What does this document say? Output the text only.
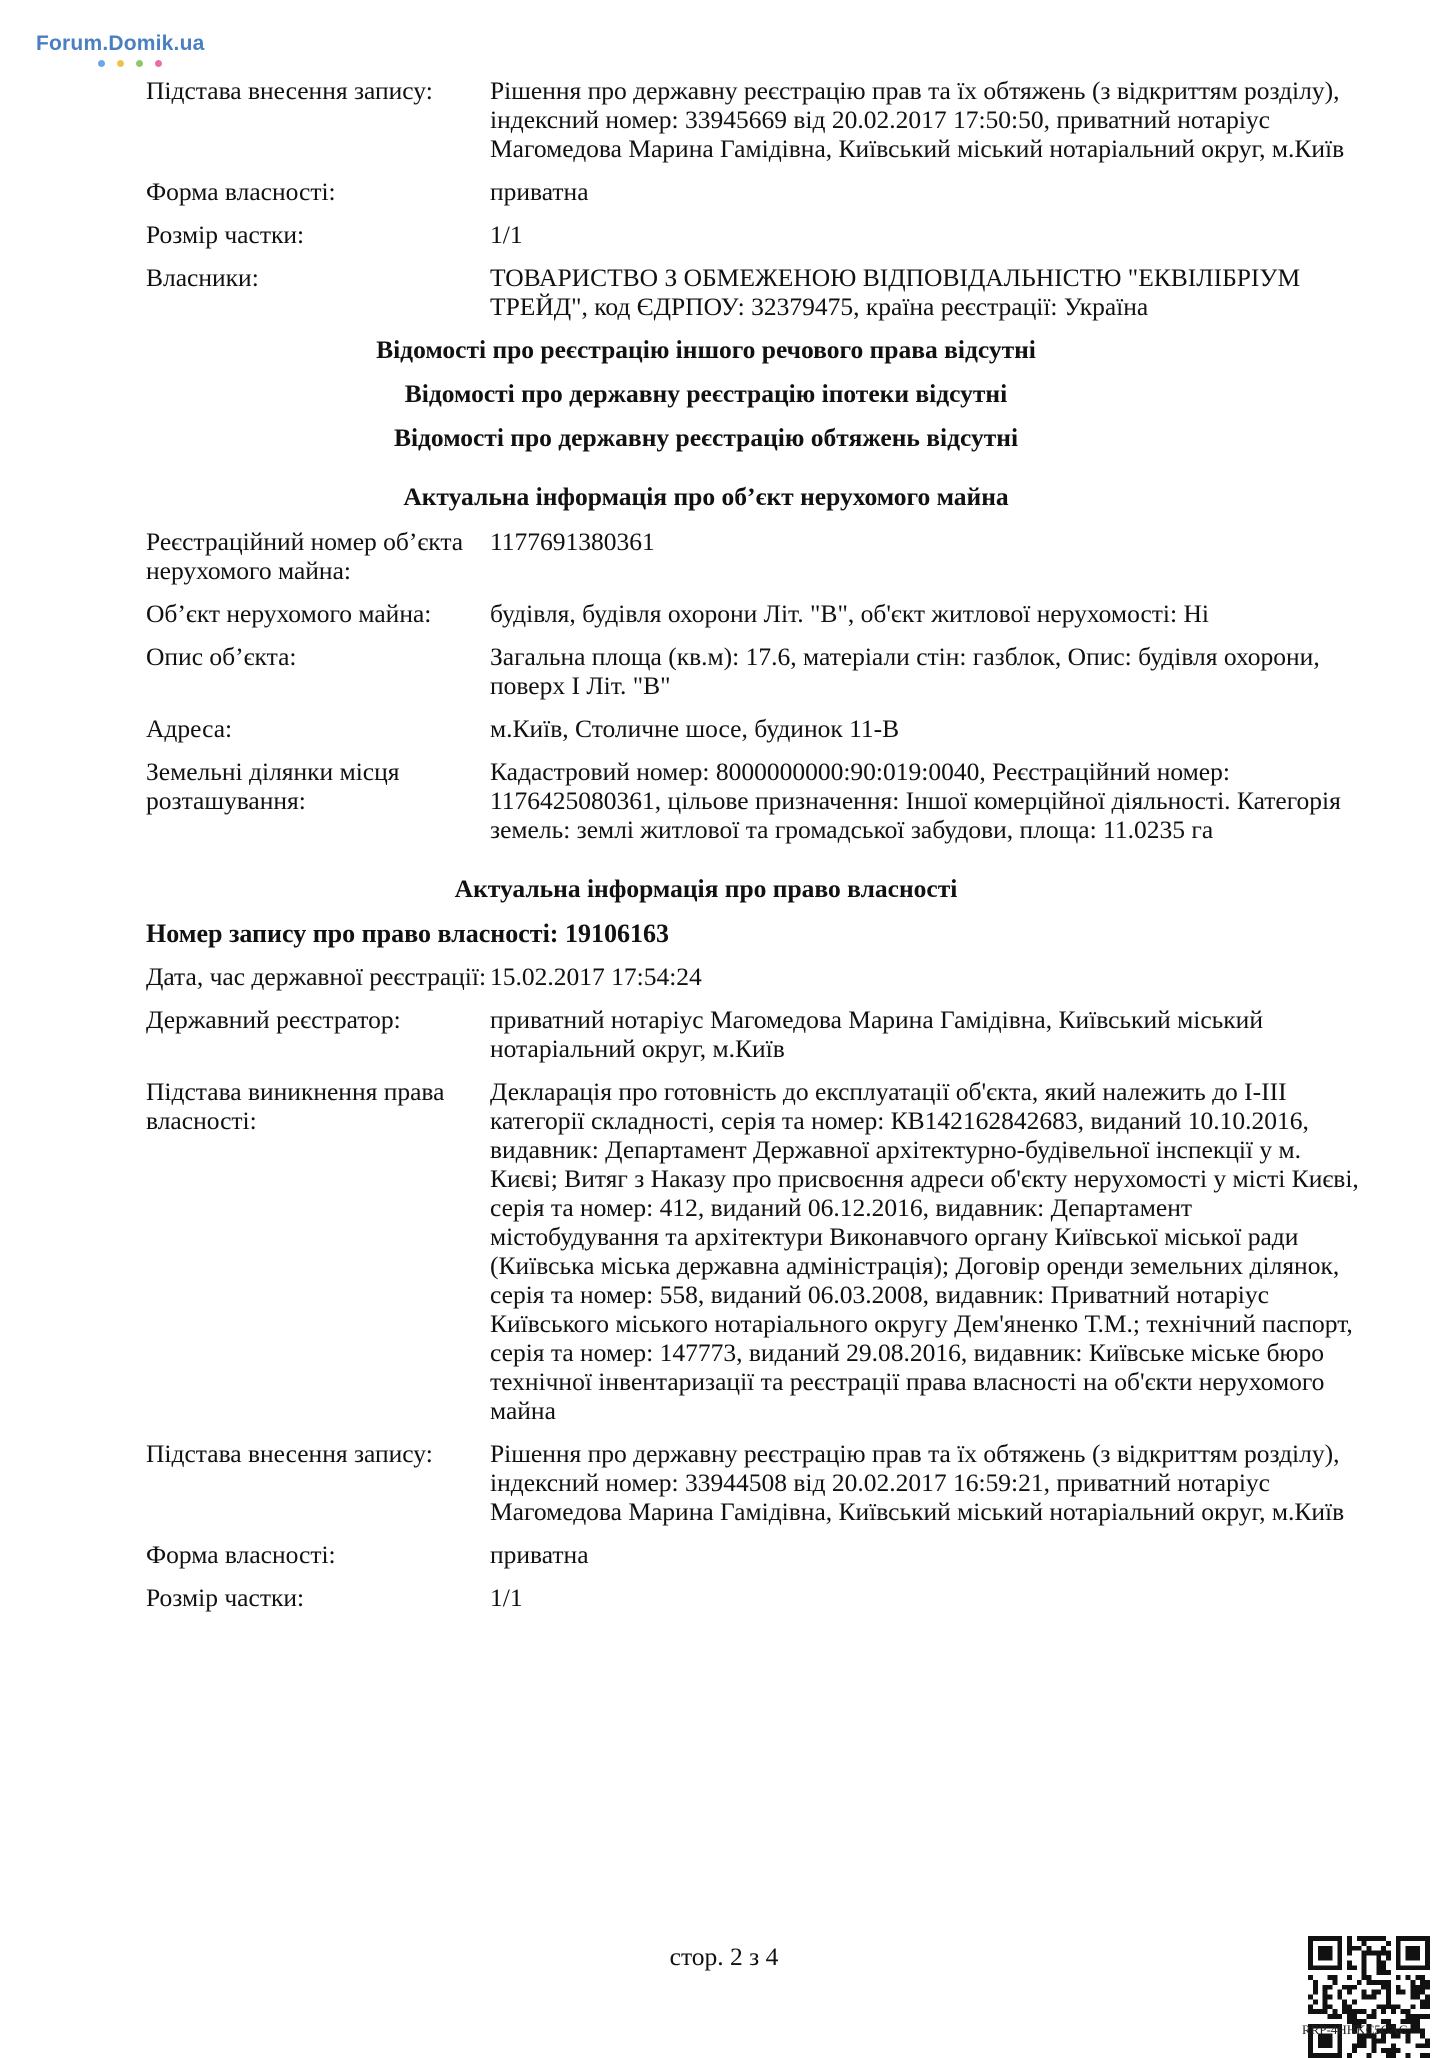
Forum.Domik.ua
Підстава внесення запису:	Рішення про державну реєстрацію прав та їх обтяжень (з відкриттям розділу), індексний номер: 33945669 від 20.02.2017 17:50:50, приватний нотаріус Магомедова Марина Гамідівна, Київський міський нотаріальний округ, м.Київ
Форма власності:	приватна
Розмір частки:	1/1
Власники:	ТОВАРИСТВО З ОБМЕЖЕНОЮ ВІДПОВІДАЛЬНІСТЮ "ЕКВІЛІБРІУМ ТРЕЙД", код ЄДРПОУ: 32379475, країна реєстрації: Україна
Відомості про реєстрацію іншого речового права відсутні
Відомості про державну реєстрацію іпотеки відсутні
Відомості про державну реєстрацію обтяжень відсутні
Актуальна інформація про об’єкт нерухомого майна
Реєстраційний номер об’єкта нерухомого майна:
1177691380361
Об’єкт нерухомого майна:	будівля, будівля охорони Літ. "В", об'єкт житлової нерухомості: Ні
Опис об’єкта:	Загальна площа (кв.м): 17.6, матеріали стін: газблок, Опис: будівля охорони, поверх І Літ. "В"
Адреса:	м.Київ, Столичне шосе, будинок 11-В
Земельні ділянки місця розташування:
Кадастровий номер: 8000000000:90:019:0040, Реєстраційний номер: 1176425080361, цільове призначення: Іншої комерційної діяльності. Категорія земель: землі житлової та громадської забудови, площа: 11.0235 га
Актуальна інформація про право власності
Номер запису про право власності: 19106163
Дата, час державної реєстрації: 15.02.2017 17:54:24
Державний реєстратор:	приватний нотаріус Магомедова Марина Гамідівна, Київський міський нотаріальний округ, м.Київ
Підстава виникнення права власності:
Декларація про готовність до експлуатації об'єкта, який належить до І-ІІІ категорії складності, серія та номер: КВ142162842683, виданий 10.10.2016, видавник: Департамент Державної архітектурно-будівельної інспекції у м. Києві; Витяг з Наказу про присвоєння адреси об'єкту нерухомості у місті Києві, серія та номер: 412, виданий 06.12.2016, видавник: Департамент містобудування та архітектури Виконавчого органу Київської міської ради (Київська міська державна адміністрація); Договір оренди земельних ділянок, серія та номер: 558, виданий 06.03.2008, видавник: Приватний нотаріус Київського міського нотаріального округу Дем'яненко Т.М.; технічний паспорт, серія та номер: 147773, виданий 29.08.2016, видавник: Київське міське бюро технічної інвентаризації та реєстрації права власності на об'єкти нерухомого майна
Підстава внесення запису:	Рішення про державну реєстрацію прав та їх обтяжень (з відкриттям розділу), індексний номер: 33944508 від 20.02.2017 16:59:21, приватний нотаріус Магомедова Марина Гамідівна, Київський міський нотаріальний округ, м.Київ
Форма власності:	приватна
Розмір частки:	1/1
стор. 2 з 4
RRP-4HHKC5CAC
